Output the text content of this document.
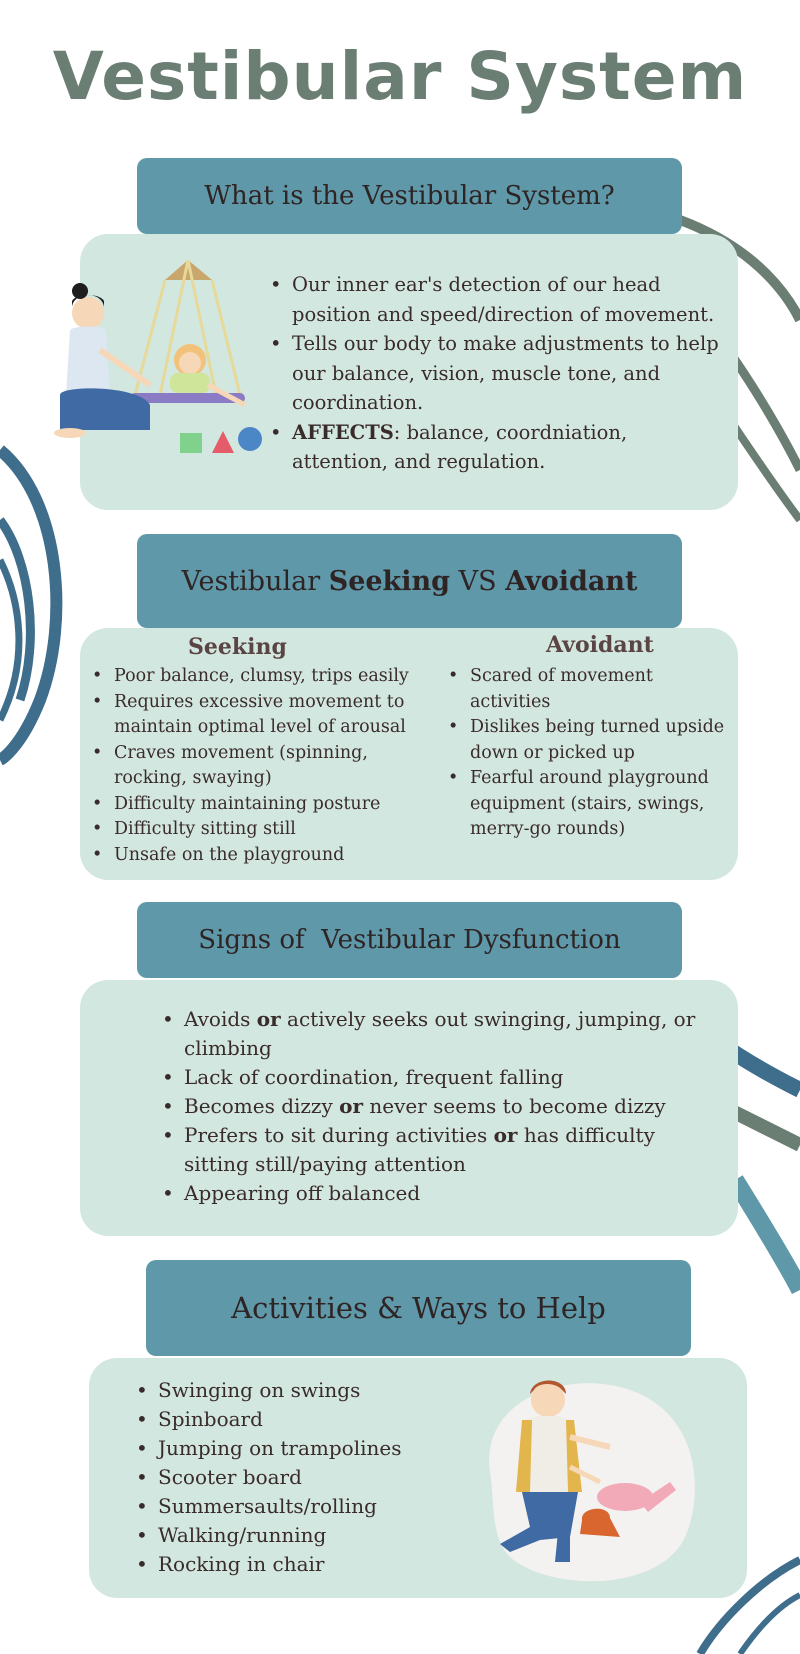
Vestibular System
What is the Vestibular System?
• Our inner ear's detection of our head position and speed/direction of movement.
• Tells our body to make adjustments to help our balance, vision, muscle tone, and coordination.
• AFFECTS: balance, coordniation, attention, and regulation.
Vestibular
Seeking
VS
Avoidant
Seeking	Avoidant
• Poor balance, clumsy, trips easily
• Requires excessive movement to maintain optimal level of arousal
• Craves movement (spinning, rocking, swaying)
• Difficulty maintaining posture
• Difficulty sitting still
• Unsafe on the playground
• Scared of movement activities
• Dislikes being turned upside down or picked up
• Fearful around playground equipment (stairs, swings, merry-go rounds)
Signs of  Vestibular Dysfunction
• Avoids or actively seeks out swinging, jumping, or climbing
• Lack of coordination, frequent falling
• Becomes dizzy or never seems to become dizzy
• Prefers to sit during activities or has difficulty sitting still/paying attention
• Appearing off balanced
Activities & Ways to Help
• Swinging on swings
• Spinboard
• Jumping on trampolines
• Scooter board
• Summersaults/rolling
• Walking/running
• Rocking in chair
